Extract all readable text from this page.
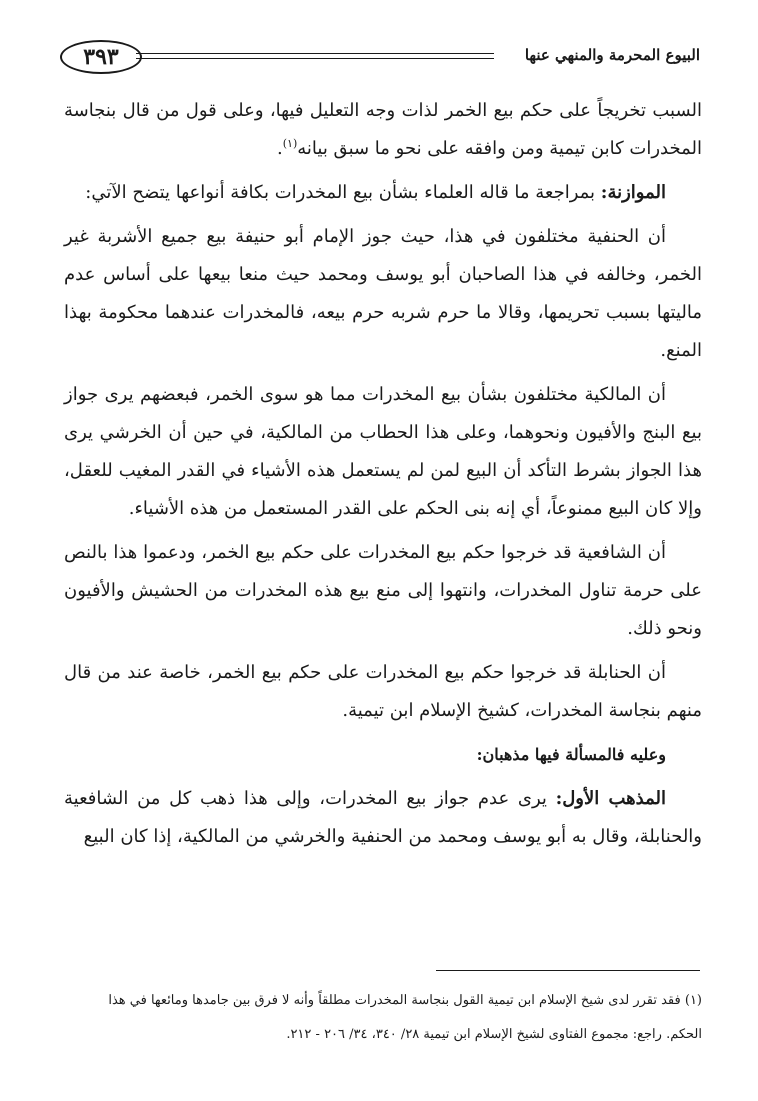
البيوع المحرمة والمنهي عنها
٣٩٣

السبب تخريجاً على حكم بيع الخمر لذات وجه التعليل فيها، وعلى قول من قال بنجاسة المخدرات كابن تيمية ومن وافقه على نحو ما سبق بيانه$^{(١)}$.

الموازنة: بمراجعة ما قاله العلماء بشأن بيع المخدرات بكافة أنواعها يتضح الآتي:

أن الحنفية مختلفون في هذا، حيث جوز الإمام أبو حنيفة بيع جميع الأشربة غير الخمر، وخالفه في هذا الصاحبان أبو يوسف ومحمد حيث منعا بيعها على أساس عدم ماليتها بسبب تحريمها، وقالا ما حرم شربه حرم بيعه، فالمخدرات عندهما محكومة بهذا المنع.

أن المالكية مختلفون بشأن بيع المخدرات مما هو سوى الخمر، فبعضهم يرى جواز بيع البنج والأفيون ونحوهما، وعلى هذا الحطاب من المالكية، في حين أن الخرشي يرى هذا الجواز بشرط التأكد أن البيع لمن لم يستعمل هذه الأشياء في القدر المغيب للعقل، وإلا كان البيع ممنوعاً، أي إنه بنى الحكم على القدر المستعمل من هذه الأشياء.

أن الشافعية قد خرجوا حكم بيع المخدرات على حكم بيع الخمر، ودعموا هذا بالنص على حرمة تناول المخدرات، وانتهوا إلى منع بيع هذه المخدرات من الحشيش والأفيون ونحو ذلك.

أن الحنابلة قد خرجوا حكم بيع المخدرات على حكم بيع الخمر، خاصة عند من قال منهم بنجاسة المخدرات، كشيخ الإسلام ابن تيمية.

وعليه فالمسألة فيها مذهبان:

المذهب الأول: يرى عدم جواز بيع المخدرات، وإلى هذا ذهب كل من الشافعية والحنابلة، وقال به أبو يوسف ومحمد من الحنفية والخرشي من المالكية، إذا كان البيع

(١) فقد تقرر لدى شيخ الإسلام ابن تيمية القول بنجاسة المخدرات مطلقاً وأنه لا فرق بين جامدها ومائعها في هذا

الحكم. راجع: مجموع الفتاوى لشيخ الإسلام ابن تيمية ٢٨/ ٣٤٠، ٣٤/ ٢٠٦ - ٢١٢.
